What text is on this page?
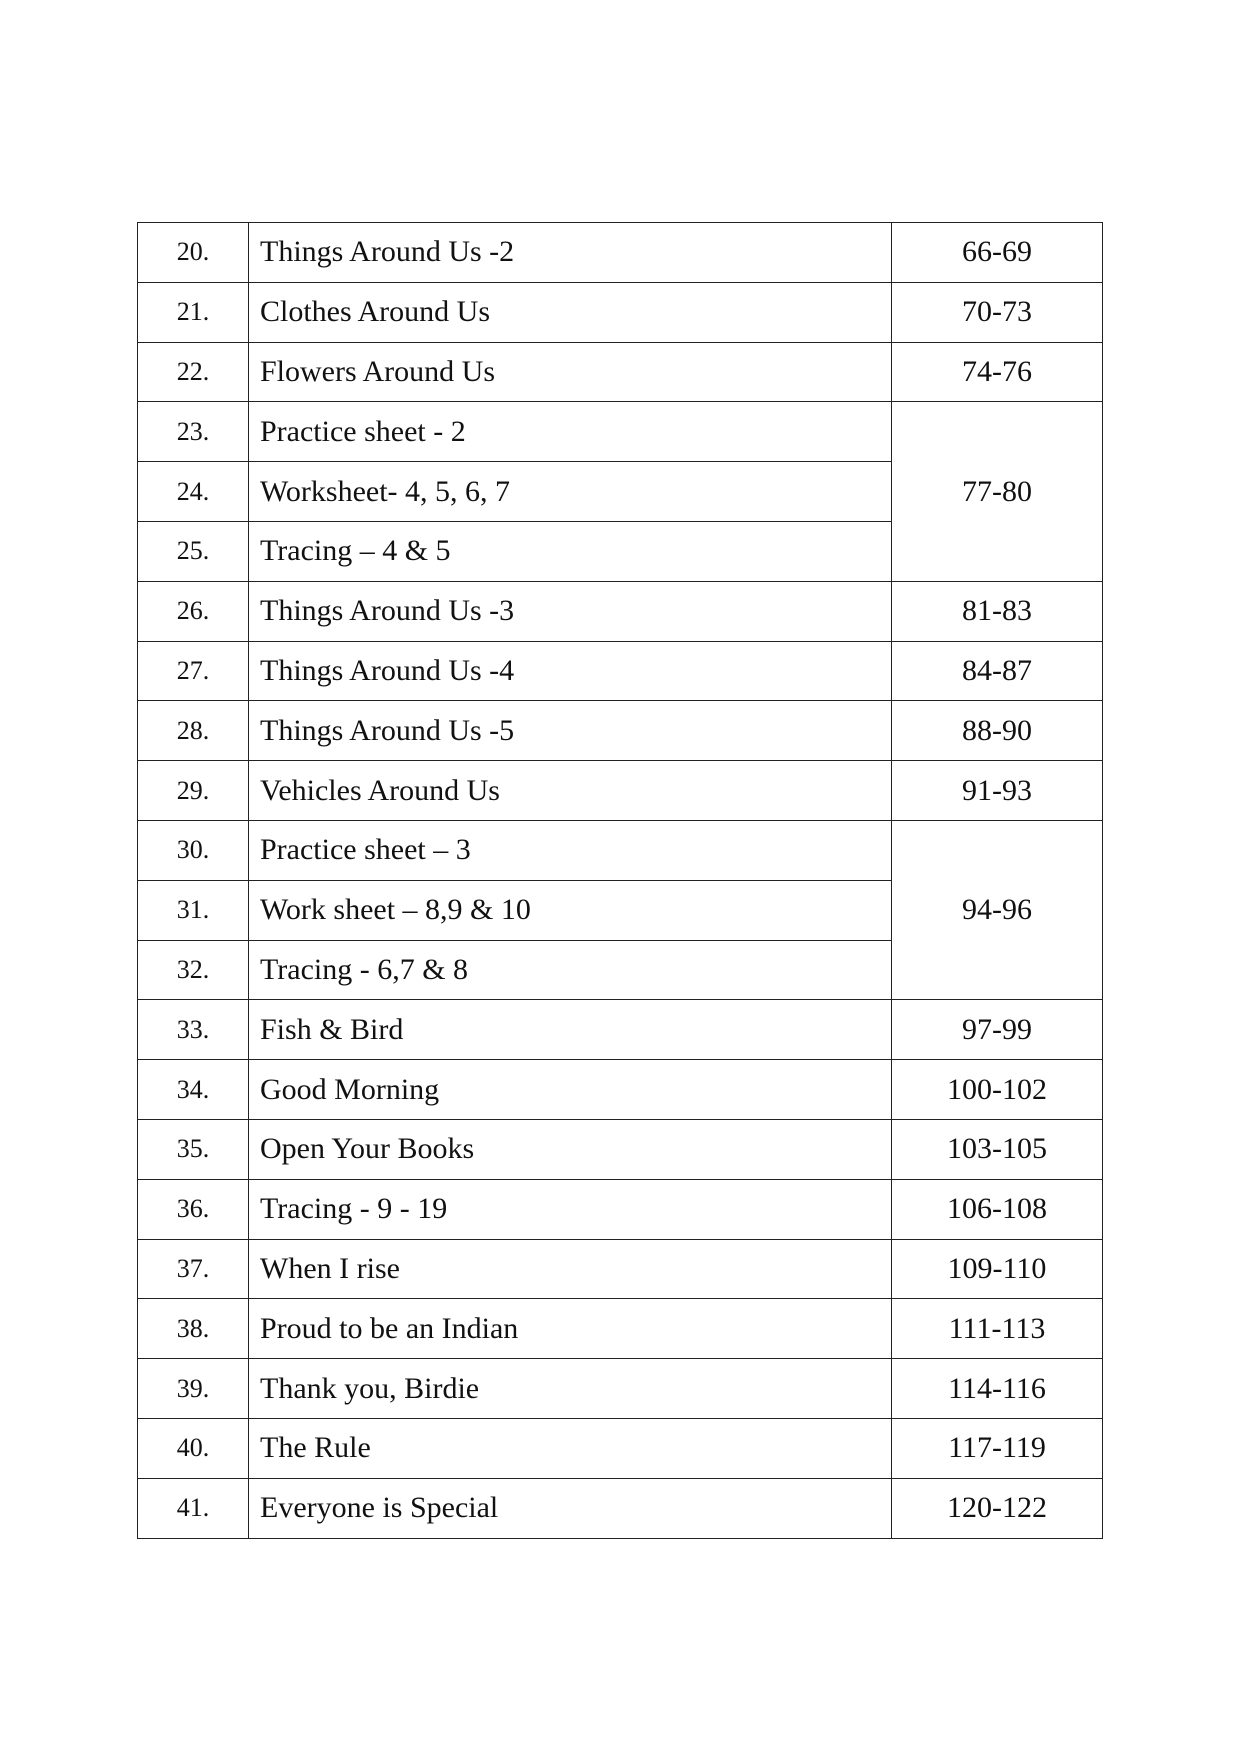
20.	Things Around Us -2	66-69
21.	Clothes Around Us	70-73
22.	Flowers Around Us	74-76
23.	Practice sheet - 2	77-80
24.	Worksheet- 4, 5, 6, 7	
25.	Tracing – 4 & 5	
26.	Things Around Us -3	81-83
27.	Things Around Us -4	84-87
28.	Things Around Us -5	88-90
29.	Vehicles Around Us	91-93
30.	Practice sheet – 3	94-96
31.	Work sheet – 8,9 & 10	
32.	Tracing - 6,7 & 8	
33.	Fish & Bird	97-99
34.	Good Morning	100-102
35.	Open Your Books	103-105
36.	Tracing - 9 - 19	106-108
37.	When I rise	109-110
38.	Proud to be an Indian	111-113
39.	Thank you, Birdie	114-116
40.	The Rule	117-119
41.	Everyone is Special	120-122
